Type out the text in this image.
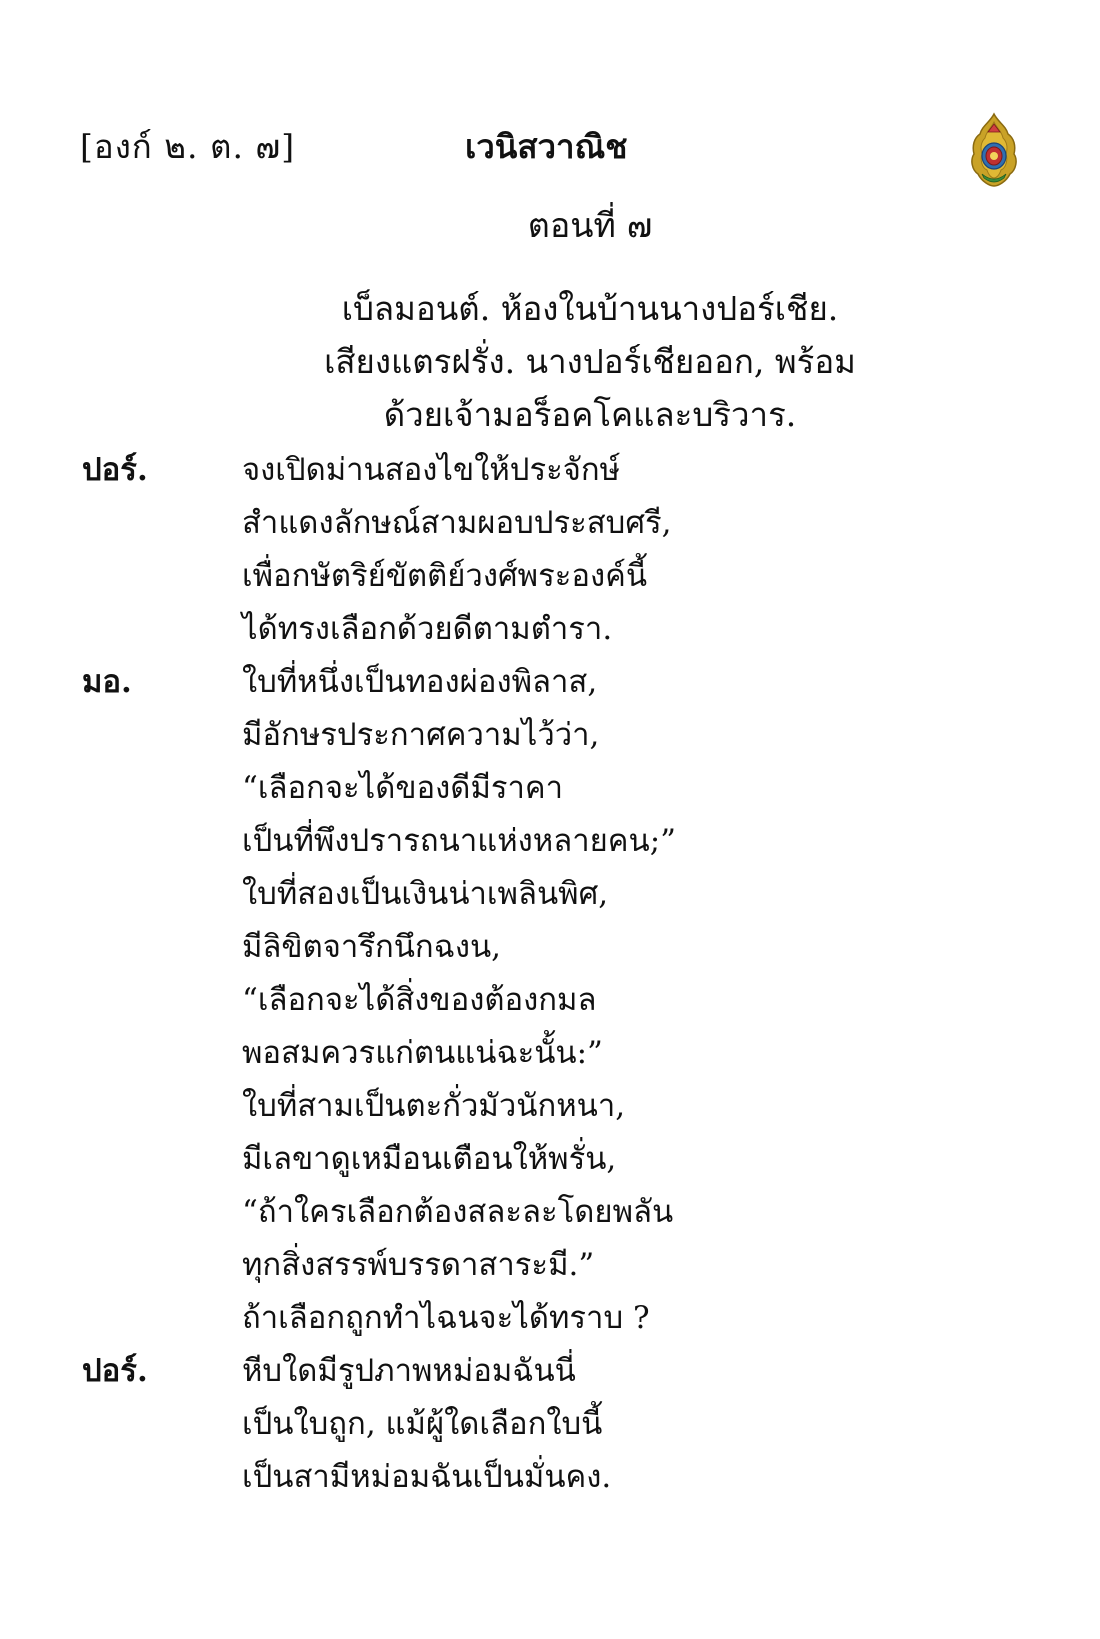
[องก์ ๒. ต. ๗]	เวนิสวาณิช
ตอนที่ ๗
เบ็ลมอนต์. ห้องในบ้านนางปอร์เชีย.
เสียงแตรฝรั่ง. นางปอร์เชียออก, พร้อม
ด้วยเจ้ามอร็อคโคและบริวาร.
ปอร์.	จงเปิดม่านสองไขให้ประจักษ์
สำแดงลักษณ์สามผอบประสบศรี,
เพื่อกษัตริย์ขัตติย์วงศ์พระองค์นี้
ได้ทรงเลือกด้วยดีตามตำรา.
มอ.	ใบที่หนึ่งเป็นทองผ่องพิลาส,
มีอักษรประกาศความไว้ว่า,
“เลือกจะได้ของดีมีราคา
เป็นที่พึงปรารถนาแห่งหลายคน;”
ใบที่สองเป็นเงินน่าเพลินพิศ,
มีลิขิตจารึกนึกฉงน,
“เลือกจะได้สิ่งของต้องกมล
พอสมควรแก่ตนแน่ฉะนั้น:”
ใบที่สามเป็นตะกั่วมัวนักหนา,
มีเลขาดูเหมือนเตือนให้พรั่น,
“ถ้าใครเลือกต้องสละละโดยพลัน
ทุกสิ่งสรรพ์บรรดาสาระมี.”
ถ้าเลือกถูกทำไฉนจะได้ทราบ ?
ปอร์.	หีบใดมีรูปภาพหม่อมฉันนี่
เป็นใบถูก, แม้ผู้ใดเลือกใบนี้
เป็นสามีหม่อมฉันเป็นมั่นคง.
